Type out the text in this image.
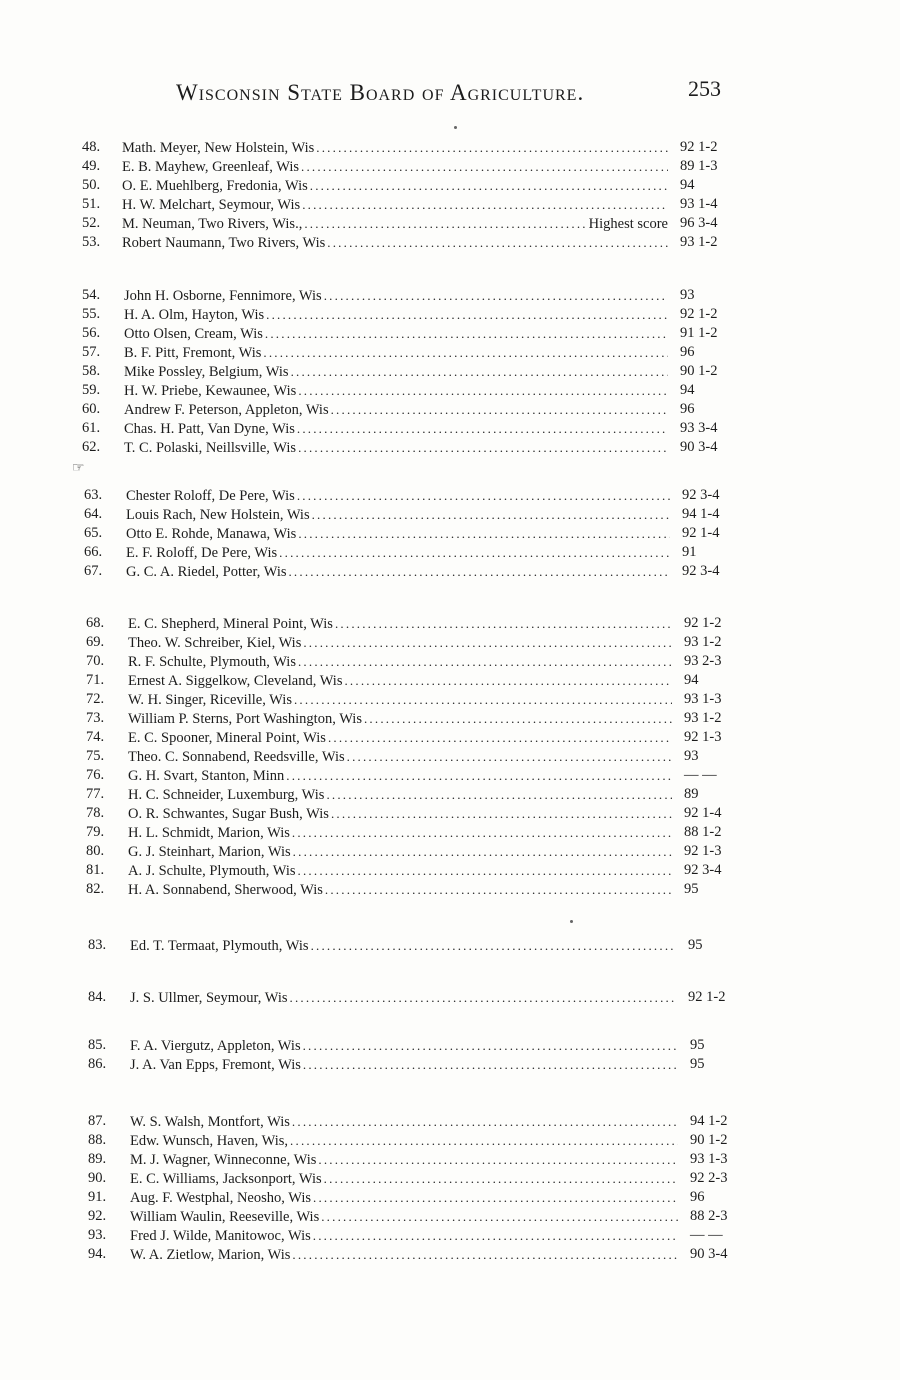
Wisconsin State Board of Agriculture.	253
☞
48.	Math. Meyer, New Holstein, Wis .....	92 1-2
49.	E. B. Mayhew, Greenleaf, Wis .....	89 1-3
50.	O. E. Muehlberg, Fredonia, Wis .....	94
51.	H. W. Melchart, Seymour, Wis .....	93 1-4
52.	M. Neuman, Two Rivers, Wis., .....	Highest score 96 3-4
53.	Robert Naumann, Two Rivers, Wis .....	93 1-2
54.	John H. Osborne, Fennimore, Wis .....	93
55.	H. A. Olm, Hayton, Wis .....	92 1-2
56.	Otto Olsen, Cream, Wis .....	91 1-2
57.	B. F. Pitt, Fremont, Wis .....	96
58.	Mike Possley, Belgium, Wis .....	90 1-2
59.	H. W. Priebe, Kewaunee, Wis .....	94
60.	Andrew F. Peterson, Appleton, Wis .....	96
61.	Chas. H. Patt, Van Dyne, Wis .....	93 3-4
62.	T. C. Polaski, Neillsville, Wis .....	90 3-4
63.	Chester Roloff, De Pere, Wis .....	92 3-4
64.	Louis Rach, New Holstein, Wis .....	94 1-4
65.	Otto E. Rohde, Manawa, Wis .....	92 1-4
66.	E. F. Roloff, De Pere, Wis .....	91
67.	G. C. A. Riedel, Potter, Wis .....	92 3-4
68.	E. C. Shepherd, Mineral Point, Wis .....	92 1-2
69.	Theo. W. Schreiber, Kiel, Wis .....	93 1-2
70.	R. F. Schulte, Plymouth, Wis .....	93 2-3
71.	Ernest A. Siggelkow, Cleveland, Wis .....	94
72.	W. H. Singer, Riceville, Wis .....	93 1-3
73.	William P. Sterns, Port Washington, Wis .....	93 1-2
74.	E. C. Spooner, Mineral Point, Wis .....	92 1-3
75.	Theo. C. Sonnabend, Reedsville, Wis .....	93
76.	G. H. Svart, Stanton, Minn .....	— —
77.	H. C. Schneider, Luxemburg, Wis .....	89
78.	O. R. Schwantes, Sugar Bush, Wis .....	92 1-4
79.	H. L. Schmidt, Marion, Wis .....	88 1-2
80.	G. J. Steinhart, Marion, Wis .....	92 1-3
81.	A. J. Schulte, Plymouth, Wis .....	92 3-4
82.	H. A. Sonnabend, Sherwood, Wis .....	95
83.	Ed. T. Termaat, Plymouth, Wis .....	95
84.	J. S. Ullmer, Seymour, Wis .....	92 1-2
85.	F. A. Viergutz, Appleton, Wis .....	95
86.	J. A. Van Epps, Fremont, Wis .....	95
87.	W. S. Walsh, Montfort, Wis .....	94 1-2
88.	Edw. Wunsch, Haven, Wis, .....	90 1-2
89.	M. J. Wagner, Winneconne, Wis .....	93 1-3
90.	E. C. Williams, Jacksonport, Wis .....	92 2-3
91.	Aug. F. Westphal, Neosho, Wis .....	96
92.	William Waulin, Reeseville, Wis .....	88 2-3
93.	Fred J. Wilde, Manitowoc, Wis .....	— —
94.	W. A. Zietlow, Marion, Wis .....	90 3-4
